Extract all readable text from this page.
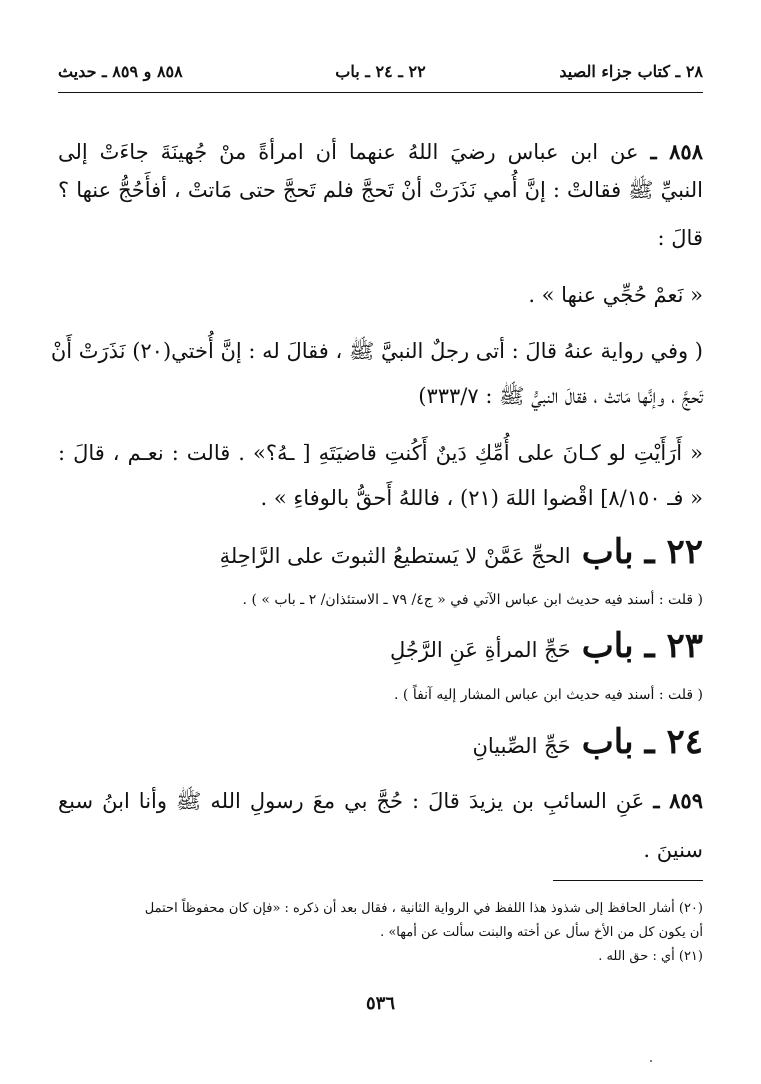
٢٨ ـ كتاب جزاء الصيد
٢٢ ـ ٢٤ ـ باب
٨٥٨ و ٨٥٩ ـ حديث
٨٥٨ ـ عن ابن عباس رضيَ اللهُ عنهما أن امرأةً منْ جُهينَةَ جاءَتْ إلى
النبيِّ ﷺ فقالتْ : إنَّ أُمي نَذَرَتْ أنْ تَحجَّ فلم تَحجَّ حتى مَاتتْ ، أفأَحُجُّ عنها ؟
قالَ :
« نَعمْ حُجِّي عنها » .
( وفي رواية عنهُ قالَ : أتى رجلٌ النبيَّ ﷺ ، فقالَ له : إنَّ أُختي(٢٠) نَذَرَتْ أَنْ
تَحجَّ ، وإنَّها مَاتتْ ، فقالَ النبيُّ ﷺ : ٣٣٣/٧)
« أَرَأَيْتِ لو كـانَ على أُمِّكِ دَينٌ أَكُنتِ قاضيَتَهِ [ ـهُ؟» . قالت : نعـم ، قالَ :
« فـ ٨/١٥٠] اقْضوا اللهَ (٢١) ، فاللهُ أَحقُّ بالوفاءِ » .
٢٢ ـ باب الحجِّ عَمَّنْ لا يَستطيعُ الثبوتَ على الرَّاحِلةِ
( قلت : أسند فيه حديث ابن عباس الآتي في « ج٤/ ٧٩ ـ الاستئذان/ ٢ ـ باب » ) .
٢٣ ـ باب حَجِّ المرأةِ عَنِ الرَّجُلِ
( قلت : أسند فيه حديث ابن عباس المشار إليه آنفاً ) .
٢٤ ـ باب حَجِّ الصِّبيانِ
٨٥٩ ـ عَنِ السائبِ بن يزيدَ قالَ : حُجَّ بي معَ رسولِ الله ﷺ وأنا ابنُ سبع
سنينَ .
(٢٠) أشار الحافظ إلى شذوذ هذا اللفظ في الرواية الثانية ، فقال بعد أن ذكره : «فإن كان محفوظاً احتمل
أن يكون كل من الأخ سأل عن أخته والبنت سألت عن أمها» .
(٢١) أي : حق الله .
٥٣٦
